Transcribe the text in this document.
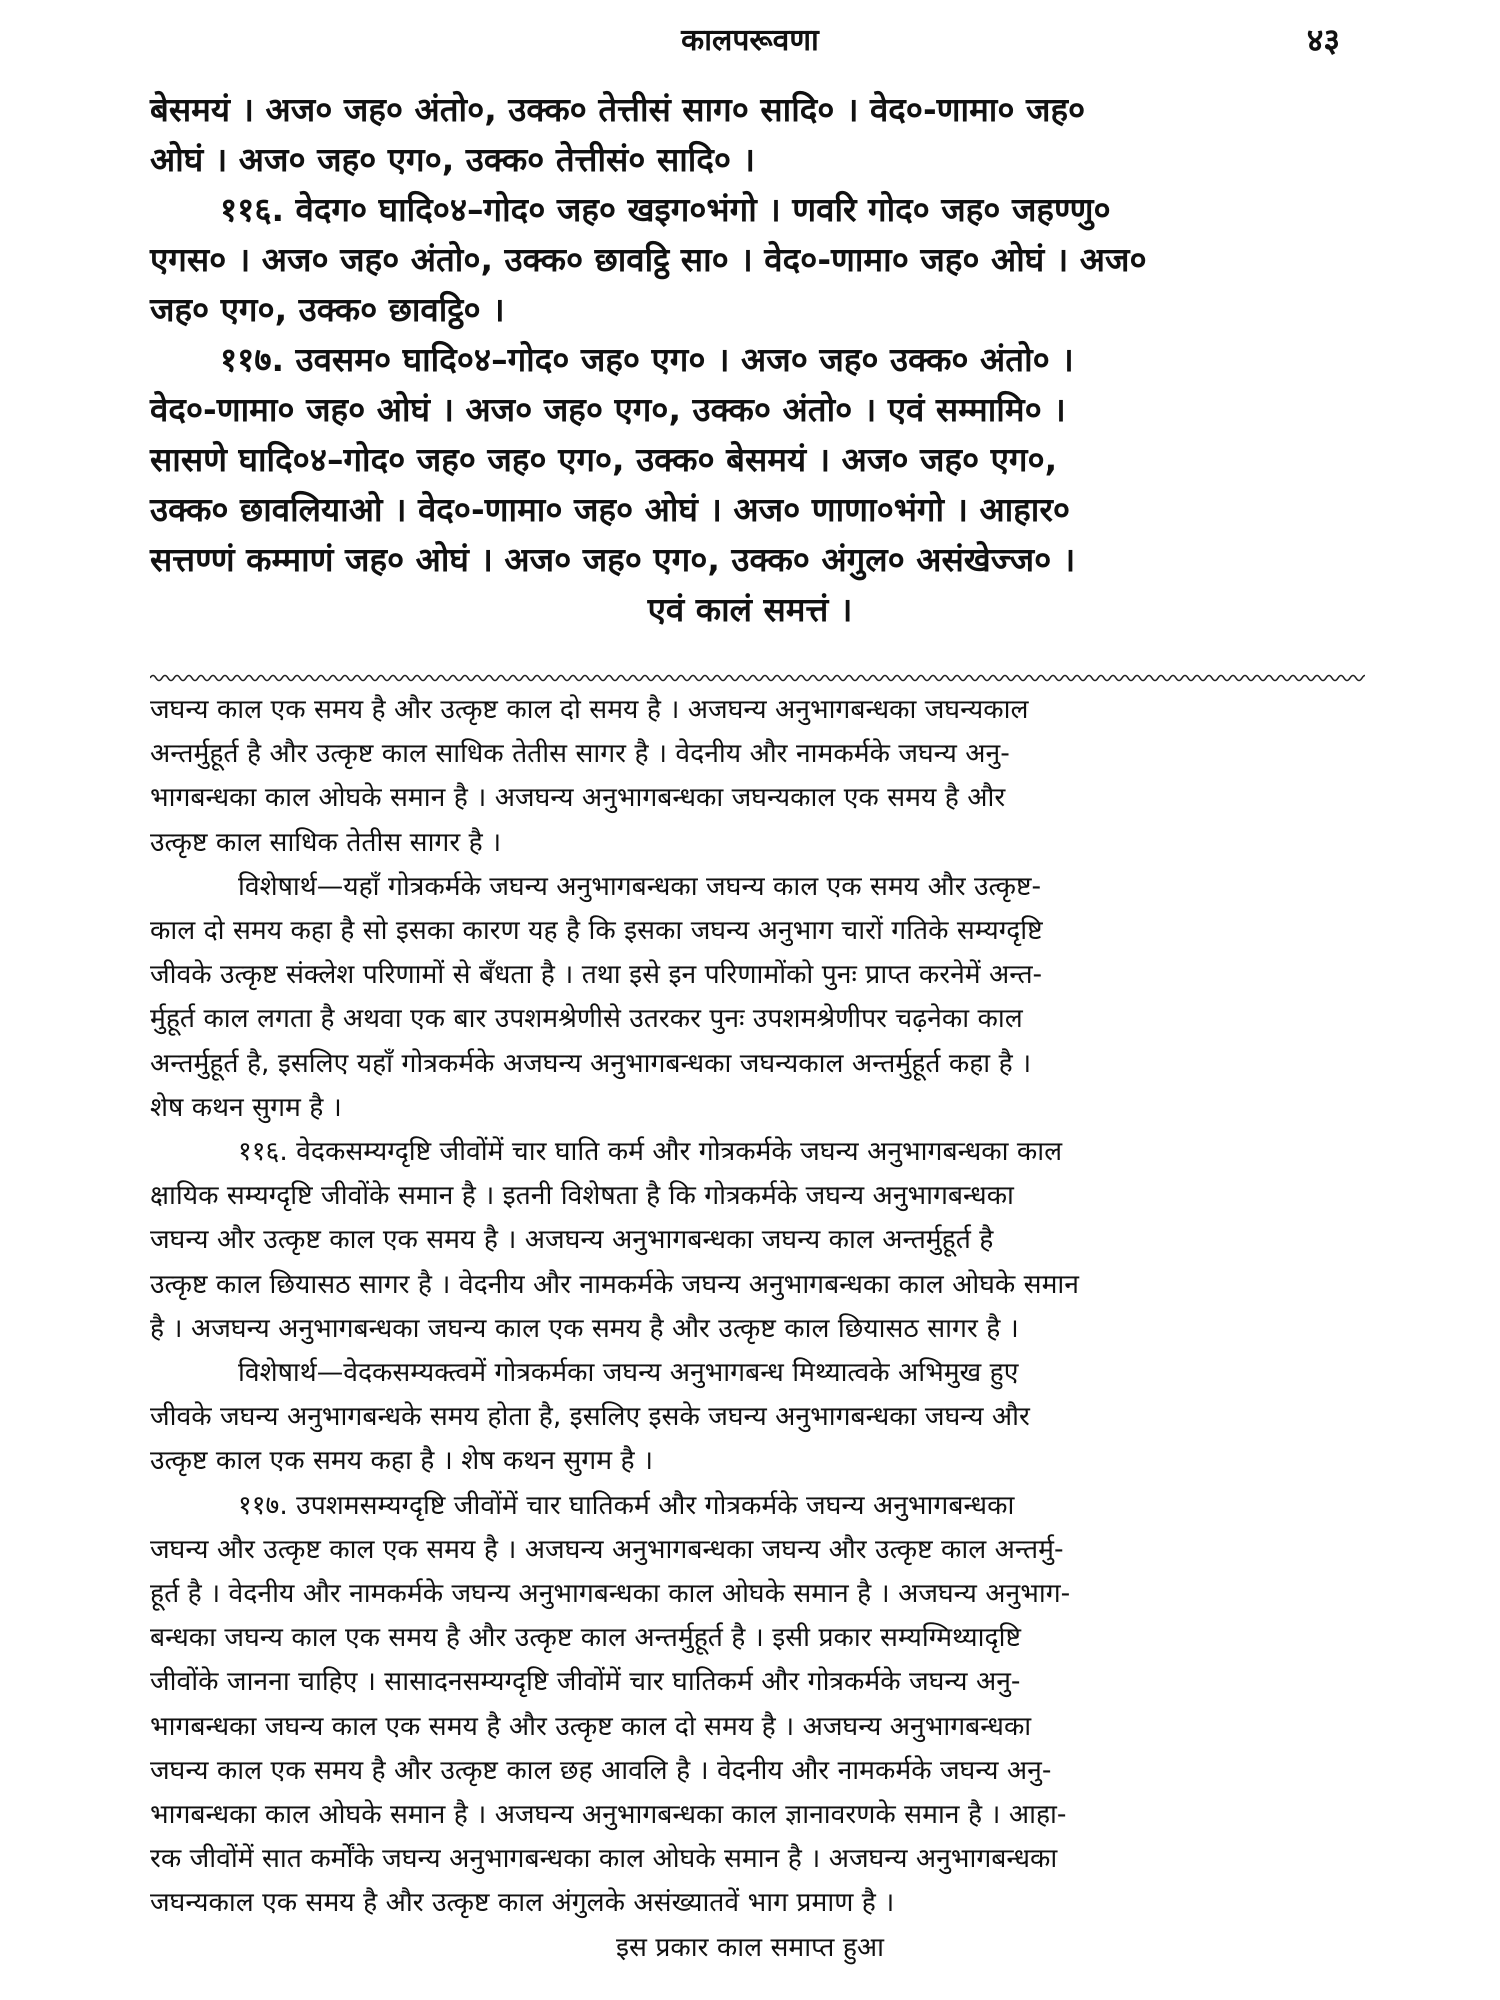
कालपरूवणा	४३
बेसमयं । अज० जह० अंतो०, उक्क० तेत्तीसं साग० सादि० । वेद०-णामा० जह०
ओघं । अज० जह० एग०, उक्क० तेत्तीसं० सादि० ।
११६. वेदग० घादि०४–गोद० जह० खइग०भंगो । णवरि गोद० जह० जहण्णु०
एगस० । अज० जह० अंतो०, उक्क० छावट्ठि सा० । वेद०-णामा० जह० ओघं । अज०
जह० एग०, उक्क० छावट्ठि० ।
११७. उवसम० घादि०४–गोद० जह० एग० । अज० जह० उक्क० अंतो० ।
वेद०-णामा० जह० ओघं । अज० जह० एग०, उक्क० अंतो० । एवं सम्मामि० ।
सासणे घादि०४–गोद० जह० जह० एग०, उक्क० बेसमयं । अज० जह० एग०,
उक्क० छावलियाओ । वेद०-णामा० जह० ओघं । अज० णाणा०भंगो । आहार०
सत्तण्णं कम्माणं जह० ओघं । अज० जह० एग०, उक्क० अंगुल० असंखेज्ज० ।
एवं कालं समत्तं ।
जघन्य काल एक समय है और उत्कृष्ट काल दो समय है । अजघन्य अनुभागबन्धका जघन्यकाल
अन्तर्मुहूर्त है और उत्कृष्ट काल साधिक तेतीस सागर है । वेदनीय और नामकर्मके जघन्य अनु-
भागबन्धका काल ओघके समान है । अजघन्य अनुभागबन्धका जघन्यकाल एक समय है और
उत्कृष्ट काल साधिक तेतीस सागर है ।
विशेषार्थ—यहाँ गोत्रकर्मके जघन्य अनुभागबन्धका जघन्य काल एक समय और उत्कृष्ट-
काल दो समय कहा है सो इसका कारण यह है कि इसका जघन्य अनुभाग चारों गतिके सम्यग्दृष्टि
जीवके उत्कृष्ट संक्लेश परिणामों से बँधता है । तथा इसे इन परिणामोंको पुनः प्राप्त करनेमें अन्त-
र्मुहूर्त काल लगता है अथवा एक बार उपशमश्रेणीसे उतरकर पुनः उपशमश्रेणीपर चढ़नेका काल
अन्तर्मुहूर्त है, इसलिए यहाँ गोत्रकर्मके अजघन्य अनुभागबन्धका जघन्यकाल अन्तर्मुहूर्त कहा है ।
शेष कथन सुगम है ।
११६. वेदकसम्यग्दृष्टि जीवोंमें चार घाति कर्म और गोत्रकर्मके जघन्य अनुभागबन्धका काल
क्षायिक सम्यग्दृष्टि जीवोंके समान है । इतनी विशेषता है कि गोत्रकर्मके जघन्य अनुभागबन्धका
जघन्य और उत्कृष्ट काल एक समय है । अजघन्य अनुभागबन्धका जघन्य काल अन्तर्मुहूर्त है
उत्कृष्ट काल छियासठ सागर है । वेदनीय और नामकर्मके जघन्य अनुभागबन्धका काल ओघके समान
है । अजघन्य अनुभागबन्धका जघन्य काल एक समय है और उत्कृष्ट काल छियासठ सागर है ।
विशेषार्थ—वेदकसम्यक्त्वमें गोत्रकर्मका जघन्य अनुभागबन्ध मिथ्यात्वके अभिमुख हुए
जीवके जघन्य अनुभागबन्धके समय होता है, इसलिए इसके जघन्य अनुभागबन्धका जघन्य और
उत्कृष्ट काल एक समय कहा है । शेष कथन सुगम है ।
११७. उपशमसम्यग्दृष्टि जीवोंमें चार घातिकर्म और गोत्रकर्मके जघन्य अनुभागबन्धका
जघन्य और उत्कृष्ट काल एक समय है । अजघन्य अनुभागबन्धका जघन्य और उत्कृष्ट काल अन्तर्मु-
हूर्त है । वेदनीय और नामकर्मके जघन्य अनुभागबन्धका काल ओघके समान है । अजघन्य अनुभाग-
बन्धका जघन्य काल एक समय है और उत्कृष्ट काल अन्तर्मुहूर्त है । इसी प्रकार सम्यग्मिथ्यादृष्टि
जीवोंके जानना चाहिए । सासादनसम्यग्दृष्टि जीवोंमें चार घातिकर्म और गोत्रकर्मके जघन्य अनु-
भागबन्धका जघन्य काल एक समय है और उत्कृष्ट काल दो समय है । अजघन्य अनुभागबन्धका
जघन्य काल एक समय है और उत्कृष्ट काल छह आवलि है । वेदनीय और नामकर्मके जघन्य अनु-
भागबन्धका काल ओघके समान है । अजघन्य अनुभागबन्धका काल ज्ञानावरणके समान है । आहा-
रक जीवोंमें सात कर्मोंके जघन्य अनुभागबन्धका काल ओघके समान है । अजघन्य अनुभागबन्धका
जघन्यकाल एक समय है और उत्कृष्ट काल अंगुलके असंख्यातवें भाग प्रमाण है ।
इस प्रकार काल समाप्त हुआ
